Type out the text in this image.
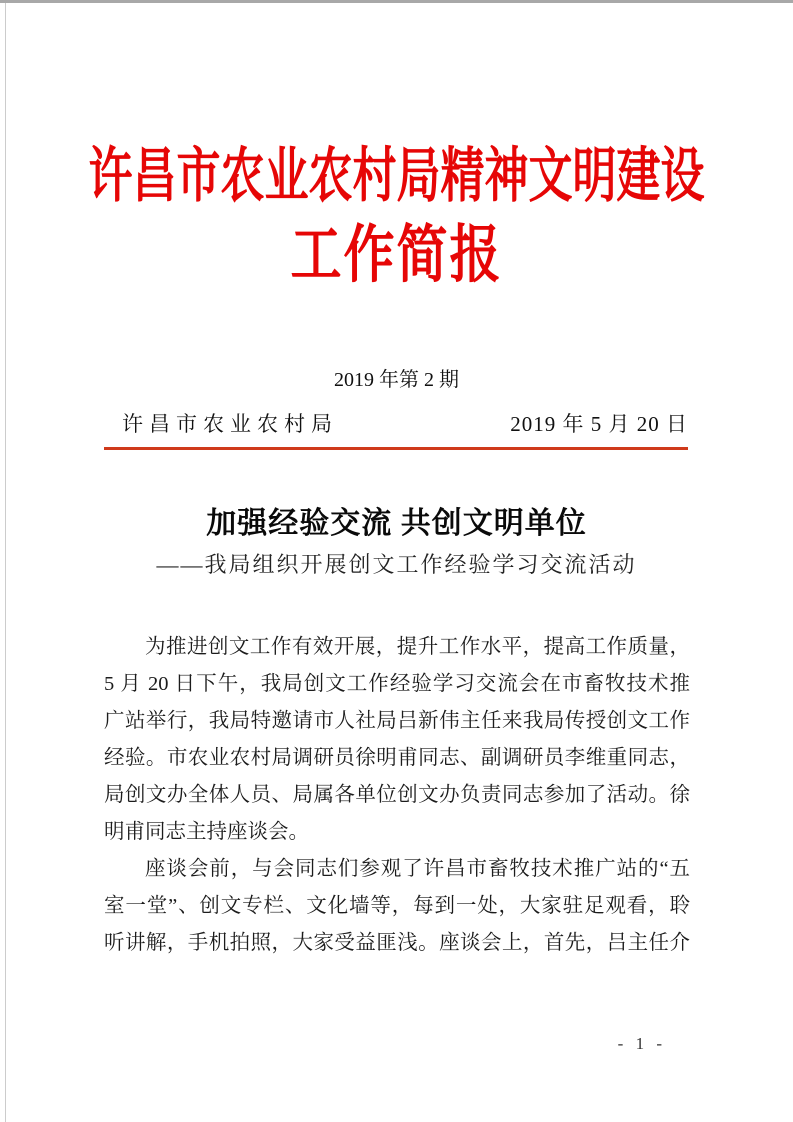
许昌市农业农村局精神文明建设
工作简报
2019 年第 2 期
许昌市农业农村局	2019 年 5 月 20 日
加强经验交流 共创文明单位
——我局组织开展创文工作经验学习交流活动
为推进创文工作有效开展，提升工作水平，提高工作质量，
5 月 20 日下午，我局创文工作经验学习交流会在市畜牧技术推
广站举行，我局特邀请市人社局吕新伟主任来我局传授创文工作
经验。市农业农村局调研员徐明甫同志、副调研员李维重同志，
局创文办全体人员、局属各单位创文办负责同志参加了活动。徐
明甫同志主持座谈会。
座谈会前，与会同志们参观了许昌市畜牧技术推广站的“五
室一堂”、创文专栏、文化墙等，每到一处，大家驻足观看，聆
听讲解，手机拍照，大家受益匪浅。座谈会上，首先，吕主任介
- 1 -
